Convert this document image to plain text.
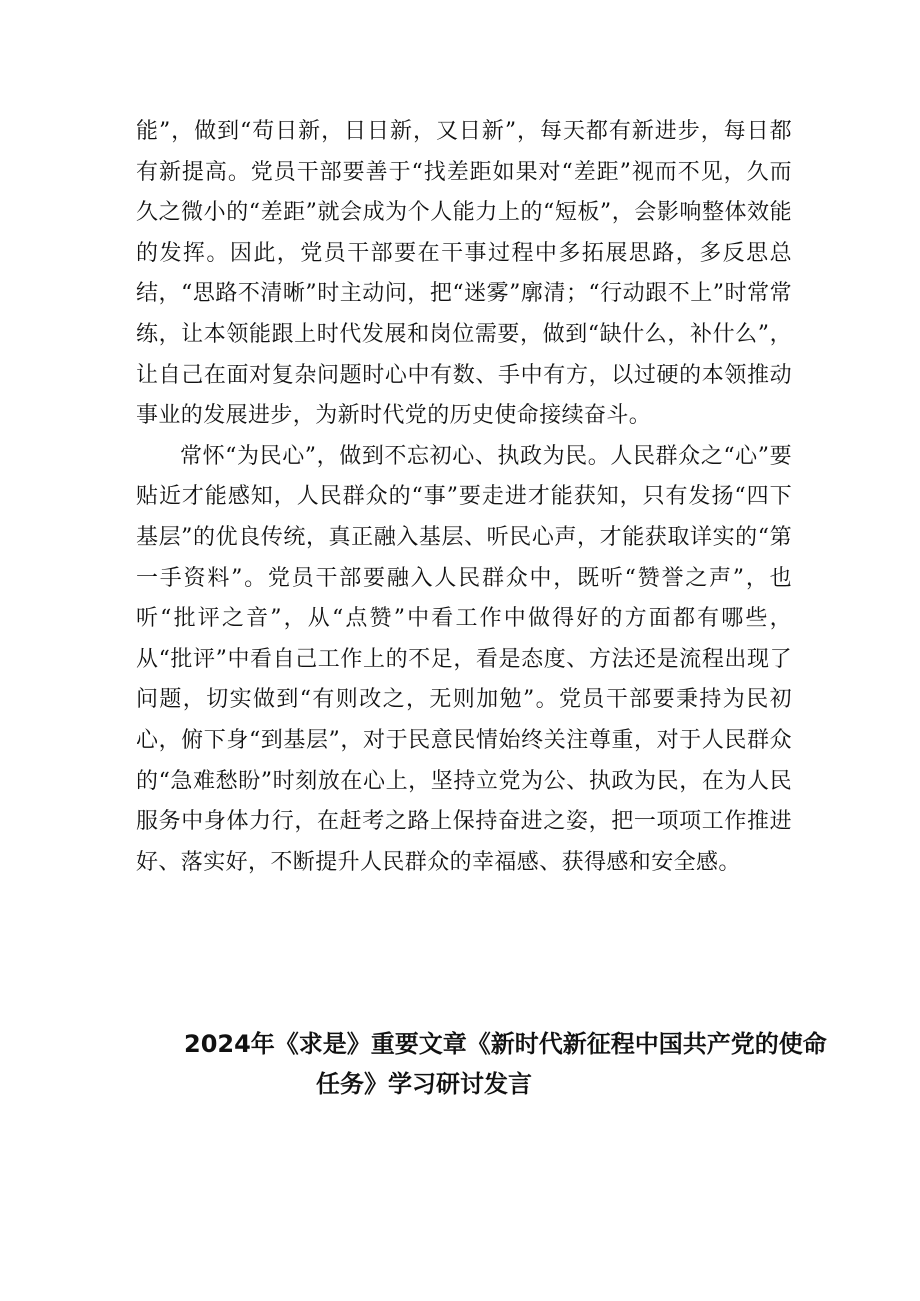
能”，做到“苟日新，日日新，又日新”，每天都有新进步，每日都有新提高。党员干部要善于“找差距如果对“差距”视而不见，久而久之微小的“差距”就会成为个人能力上的“短板”，会影响整体效能的发挥。因此，党员干部要在干事过程中多拓展思路，多反思总结，“思路不清晰”时主动问，把“迷雾”廓清；“行动跟不上”时常常练，让本领能跟上时代发展和岗位需要，做到“缺什么，补什么”，让自己在面对复杂问题时心中有数、手中有方，以过硬的本领推动事业的发展进步，为新时代党的历史使命接续奋斗。

常怀“为民心”，做到不忘初心、执政为民。人民群众之“心”要贴近才能感知，人民群众的“事”要走进才能获知，只有发扬“四下基层”的优良传统，真正融入基层、听民心声，才能获取详实的“第一手资料”。党员干部要融入人民群众中，既听“赞誉之声”，也听“批评之音”，从“点赞”中看工作中做得好的方面都有哪些，从“批评”中看自己工作上的不足，看是态度、方法还是流程出现了问题，切实做到“有则改之，无则加勉”。党员干部要秉持为民初心，俯下身“到基层”，对于民意民情始终关注尊重，对于人民群众的“急难愁盼”时刻放在心上，坚持立党为公、执政为民，在为人民服务中身体力行，在赶考之路上保持奋进之姿，把一项项工作推进好、落实好，不断提升人民群众的幸福感、获得感和安全感。

2024年《求是》重要文章《新时代新征程中国共产党的使命
任务》学习研讨发言
